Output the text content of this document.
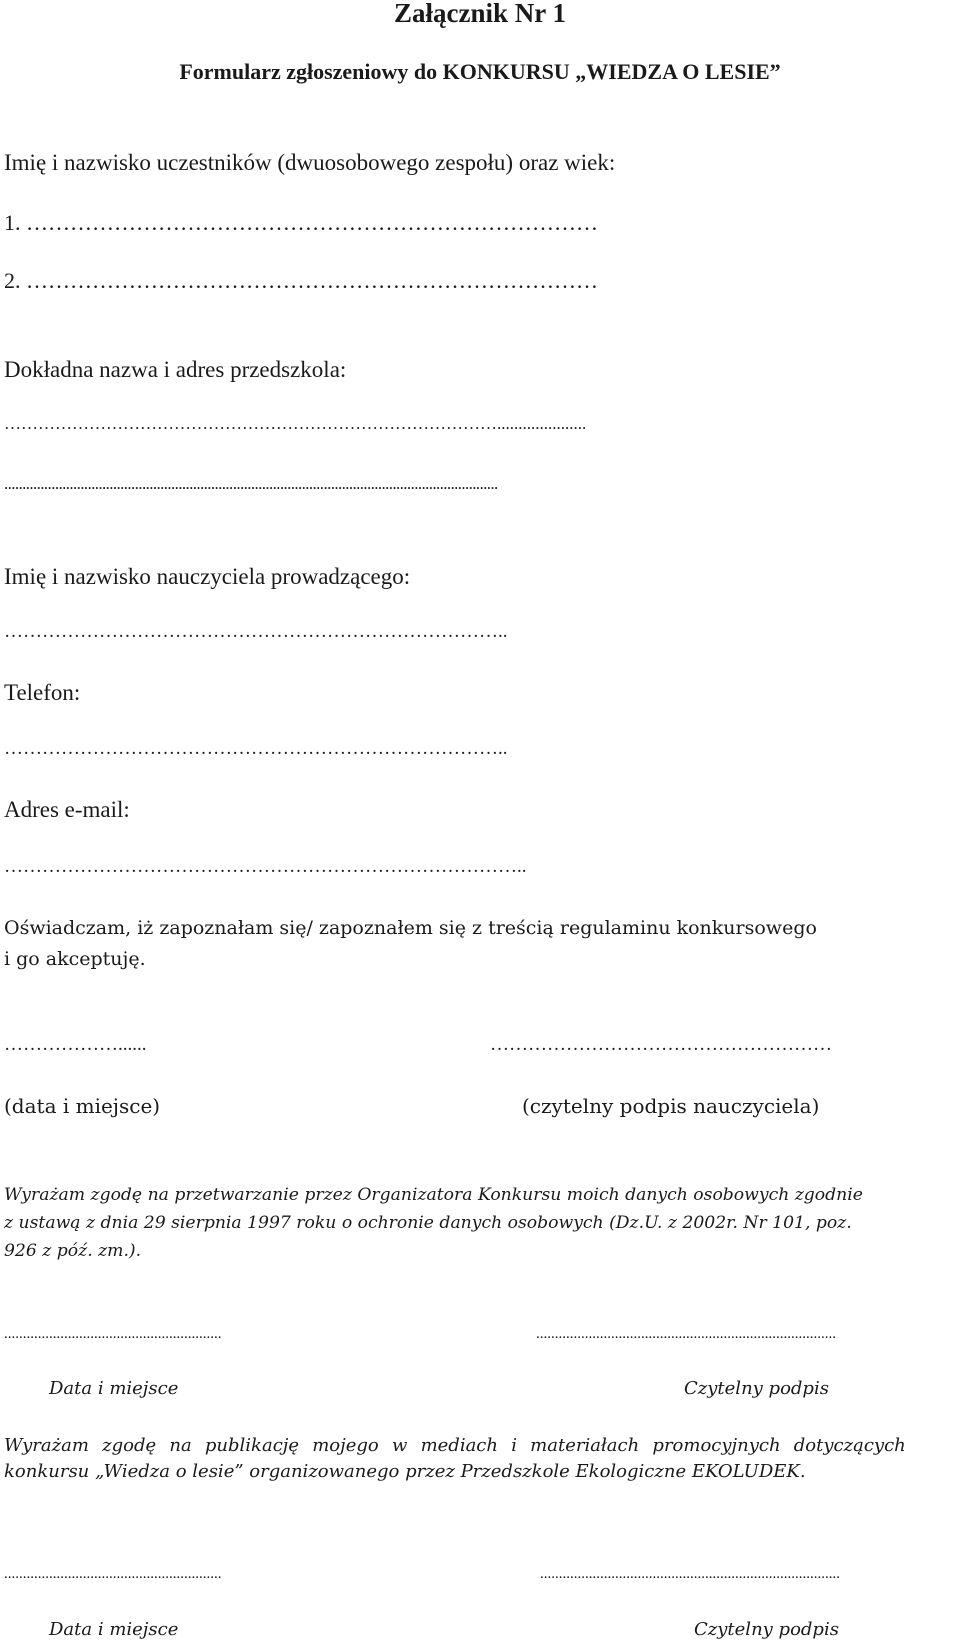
Załącznik Nr 1
Formularz zgłoszeniowy do KONKURSU „WIEDZA O LESIE”
Imię i nazwisko uczestników (dwuosobowego zespołu) oraz wiek:
1. ……………………………………………………………………
2. ……………………………………………………………………
Dokładna nazwa i adres przedszkola:
…………………………………………………………………………….....................
........................................................................................................................................
Imię i nazwisko nauczyciela prowadzącego:
……………………………………………………………………..
Telefon:
……………………………………………………………………..
Adres e-mail:
………………………………………………………………………..
Oświadczam, iż zapoznałam się/ zapoznałem się z treścią regulaminu konkursowego
i go akceptuję.
………………......	………………………………………………
(data i miejsce)	(czytelny podpis nauczyciela)
Wyrażam zgodę na przetwarzanie przez Organizatora Konkursu moich danych osobowych zgodnie
z ustawą z dnia 29 sierpnia 1997 roku o ochronie danych osobowych (Dz.U. z 2002r. Nr 101, poz.
926 z póź. zm.).
..........................................................	................................................................................
Data i miejsce	Czytelny podpis
Wyrażam zgodę na publikację mojego w mediach i materiałach promocyjnych dotyczących
konkursu „Wiedza o lesie” organizowanego przez Przedszkole Ekologiczne EKOLUDEK.
..........................................................	................................................................................
Data i miejsce	Czytelny podpis
